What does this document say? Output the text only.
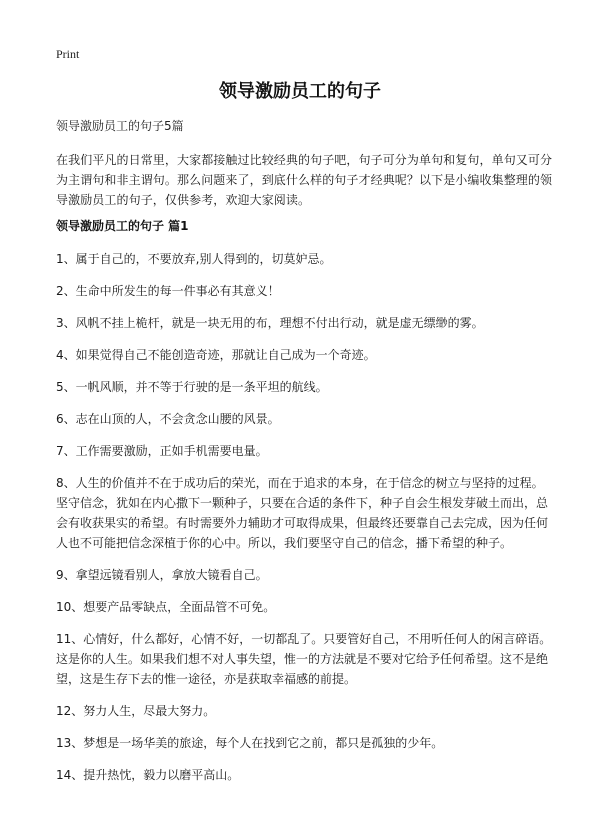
Print
领导激励员工的句子
领导激励员工的句子5篇

在我们平凡的日常里，大家都接触过比较经典的句子吧，句子可分为单句和复句，单句又可分为主谓句和非主谓句。那么问题来了，到底什么样的句子才经典呢？以下是小编收集整理的领导激励员工的句子，仅供参考，欢迎大家阅读。

领导激励员工的句子 篇1
1、属于自己的，不要放弃,别人得到的，切莫妒忌。
2、生命中所发生的每一件事必有其意义！
3、风帆不挂上桅杆，就是一块无用的布，理想不付出行动，就是虚无缥缈的雾。
4、如果觉得自己不能创造奇迹，那就让自己成为一个奇迹。
5、一帆风顺，并不等于行驶的是一条平坦的航线。
6、志在山顶的人，不会贪念山腰的风景。
7、工作需要激励，正如手机需要电量。
8、人生的价值并不在于成功后的荣光，而在于追求的本身，在于信念的树立与坚持的过程。坚守信念，犹如在内心撒下一颗种子，只要在合适的条件下，种子自会生根发芽破土而出，总会有收获果实的希望。有时需要外力辅助才可取得成果，但最终还要靠自己去完成，因为任何人也不可能把信念深植于你的心中。所以，我们要坚守自己的信念，播下希望的种子。
9、拿望远镜看别人，拿放大镜看自己。
10、想要产品零缺点，全面品管不可免。
11、心情好，什么都好，心情不好，一切都乱了。只要管好自己，不用听任何人的闲言碎语。这是你的人生。如果我们想不对人事失望，惟一的方法就是不要对它给予任何希望。这不是绝望，这是生存下去的惟一途径，亦是获取幸福感的前提。
12、努力人生，尽最大努力。
13、梦想是一场华美的旅途，每个人在找到它之前，都只是孤独的少年。
14、提升热忱，毅力以磨平高山。
